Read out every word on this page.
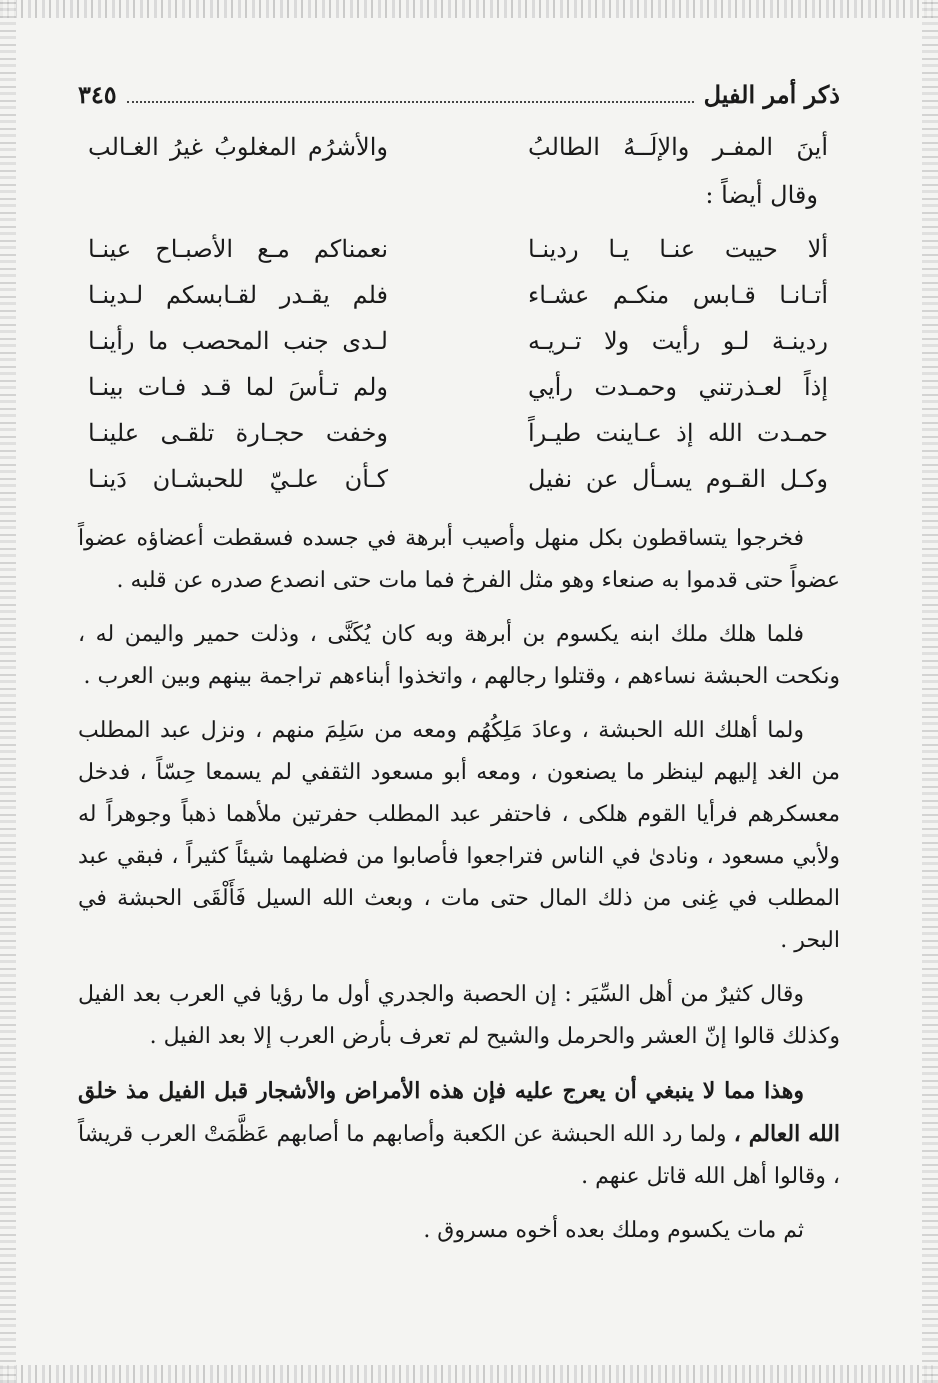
ذكر أمر الفيل
٣٤٥
أينَ المفـر والإلَــهُ الطالبُ
والأشرُم المغلوبُ غيرُ الغـالب
وقال أيضاً :
ألا حييت عنـا يـا ردينـا
نعمناكم مـع الأصبـاح عينـا
أتـانـا قـابس منكـم عشـاء
فلم يقـدر لقـابسكم لـدينـا
ردينـة لـو رأيت ولا تـريـه
لـدى جنب المحصب ما رأينـا
إذاً لعـذرتني وحمـدت رأيي
ولم تـأسَ لما قـد فـات بينـا
حمـدت الله إذ عـاينت طيـراً
وخفت حجـارة تلقـى علينـا
وكـل القـوم يسـأل عن نفيل
كـأن علـيّ للحبشـان دَينـا

فخرجوا يتساقطون بكل منهل وأصيب أبرهة في جسده فسقطت أعضاؤه عضواً عضواً حتى قدموا به صنعاء وهو مثل الفرخ فما مات حتى انصدع صدره عن قلبه .

فلما هلك ملك ابنه يكسوم بن أبرهة وبه كان يُكَنَّى ، وذلت حمير واليمن له ، ونكحت الحبشة نساءهم ، وقتلوا رجالهم ، واتخذوا أبناءهم تراجمة بينهم وبين العرب .

ولما أهلك الله الحبشة ، وعادَ مَلِكُهُم ومعه من سَلِمَ منهم ، ونزل عبد المطلب من الغد إليهم لينظر ما يصنعون ، ومعه أبو مسعود الثقفي لم يسمعا حِسّاً ، فدخل معسكرهم فرأيا القوم هلكى ، فاحتفر عبد المطلب حفرتين ملأهما ذهباً وجوهراً له ولأبي مسعود ، ونادىٰ في الناس فتراجعوا فأصابوا من فضلهما شيئاً كثيراً ، فبقي عبد المطلب في غِنى من ذلك المال حتى مات ، وبعث الله السيل فَأَلْقَى الحبشة في البحر .

وقال كثيرٌ من أهل السِّيَر : إن الحصبة والجدري أول ما رؤيا في العرب بعد الفيل وكذلك قالوا إنّ العشر والحرمل والشيح لم تعرف بأرض العرب إلا بعد الفيل .

وهذا مما لا ينبغي أن يعرج عليه فإن هذه الأمراض والأشجار قبل الفيل مذ خلق الله العالم ، ولما رد الله الحبشة عن الكعبة وأصابهم ما أصابهم عَظَّمَتْ العرب قريشاً ، وقالوا أهل الله قاتل عنهم .

ثم مات يكسوم وملك بعده أخوه مسروق .
